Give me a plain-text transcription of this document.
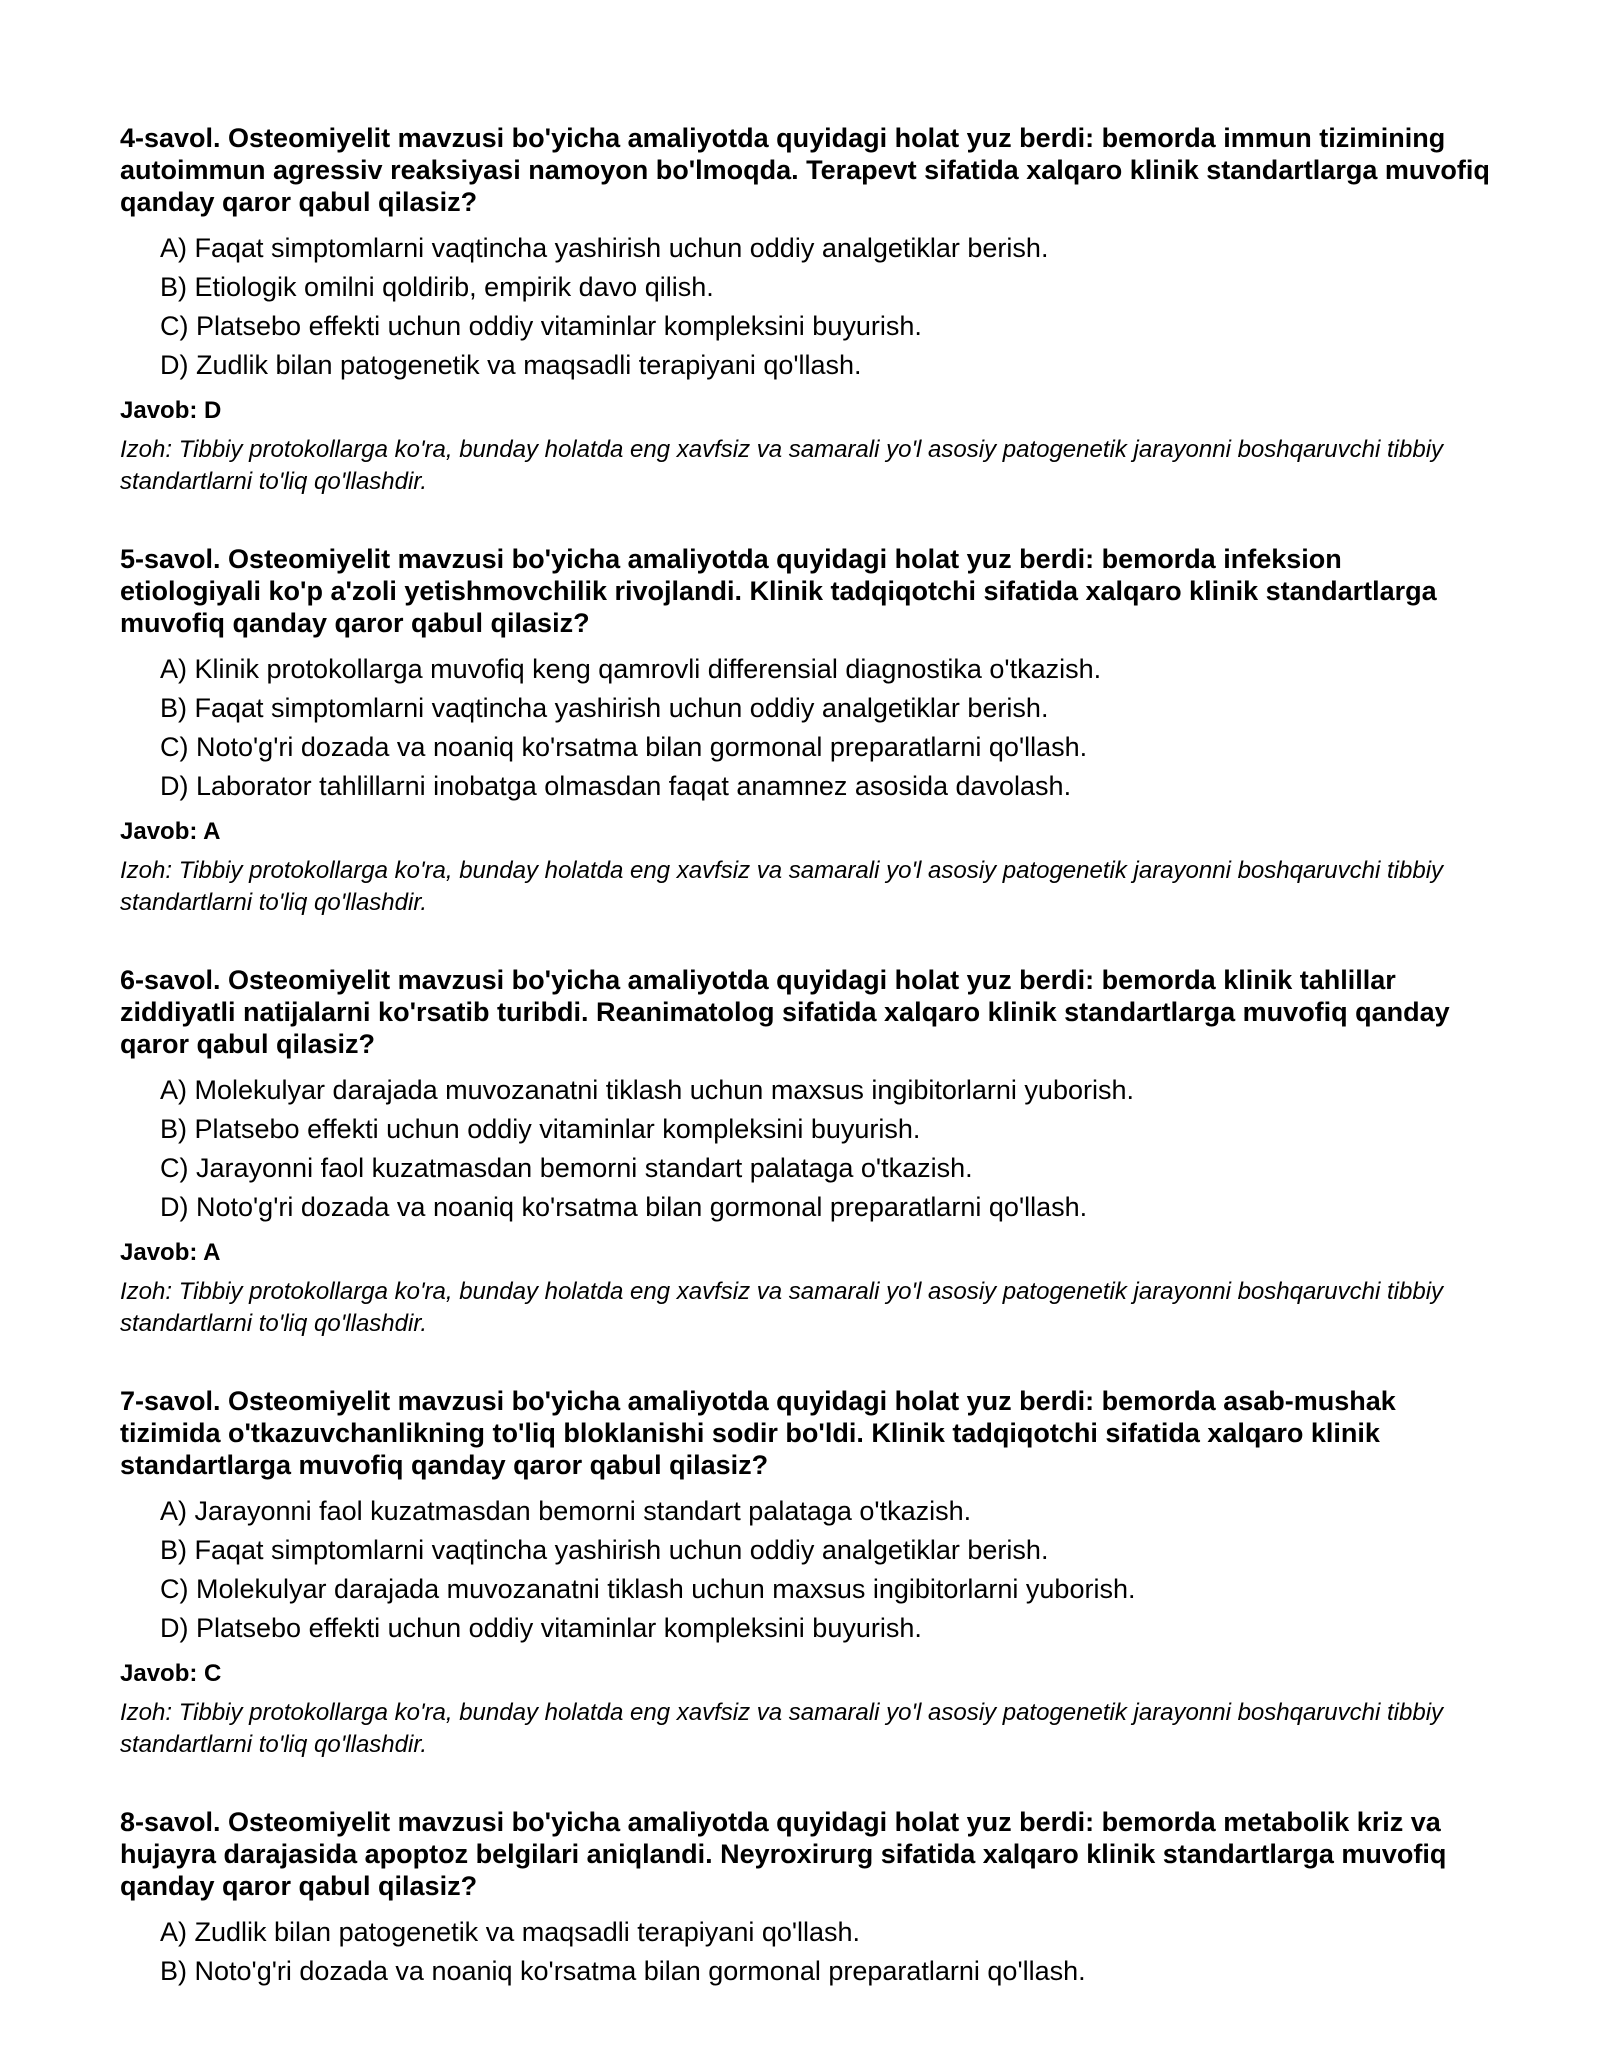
4-savol. Osteomiyelit mavzusi bo'yicha amaliyotda quyidagi holat yuz berdi: bemorda immun tizimining autoimmun agressiv reaksiyasi namoyon bo'lmoqda. Terapevt sifatida xalqaro klinik standartlarga muvofiq qanday qaror qabul qilasiz?

A) Faqat simptomlarni vaqtincha yashirish uchun oddiy analgetiklar berish.
B) Etiologik omilni qoldirib, empirik davo qilish.
C) Platsebo effekti uchun oddiy vitaminlar kompleksini buyurish.
D) Zudlik bilan patogenetik va maqsadli terapiyani qo'llash.

Javob: D

Izoh: Tibbiy protokollarga ko'ra, bunday holatda eng xavfsiz va samarali yo'l asosiy patogenetik jarayonni boshqaruvchi tibbiy standartlarni to'liq qo'llashdir.

5-savol. Osteomiyelit mavzusi bo'yicha amaliyotda quyidagi holat yuz berdi: bemorda infeksion etiologiyali ko'p a'zoli yetishmovchilik rivojlandi. Klinik tadqiqotchi sifatida xalqaro klinik standartlarga muvofiq qanday qaror qabul qilasiz?

A) Klinik protokollarga muvofiq keng qamrovli differensial diagnostika o'tkazish.
B) Faqat simptomlarni vaqtincha yashirish uchun oddiy analgetiklar berish.
C) Noto'g'ri dozada va noaniq ko'rsatma bilan gormonal preparatlarni qo'llash.
D) Laborator tahlillarni inobatga olmasdan faqat anamnez asosida davolash.

Javob: A

Izoh: Tibbiy protokollarga ko'ra, bunday holatda eng xavfsiz va samarali yo'l asosiy patogenetik jarayonni boshqaruvchi tibbiy standartlarni to'liq qo'llashdir.

6-savol. Osteomiyelit mavzusi bo'yicha amaliyotda quyidagi holat yuz berdi: bemorda klinik tahlillar ziddiyatli natijalarni ko'rsatib turibdi. Reanimatolog sifatida xalqaro klinik standartlarga muvofiq qanday qaror qabul qilasiz?

A) Molekulyar darajada muvozanatni tiklash uchun maxsus ingibitorlarni yuborish.
B) Platsebo effekti uchun oddiy vitaminlar kompleksini buyurish.
C) Jarayonni faol kuzatmasdan bemorni standart palataga o'tkazish.
D) Noto'g'ri dozada va noaniq ko'rsatma bilan gormonal preparatlarni qo'llash.

Javob: A

Izoh: Tibbiy protokollarga ko'ra, bunday holatda eng xavfsiz va samarali yo'l asosiy patogenetik jarayonni boshqaruvchi tibbiy standartlarni to'liq qo'llashdir.

7-savol. Osteomiyelit mavzusi bo'yicha amaliyotda quyidagi holat yuz berdi: bemorda asab-mushak tizimida o'tkazuvchanlikning to'liq bloklanishi sodir bo'ldi. Klinik tadqiqotchi sifatida xalqaro klinik standartlarga muvofiq qanday qaror qabul qilasiz?

A) Jarayonni faol kuzatmasdan bemorni standart palataga o'tkazish.
B) Faqat simptomlarni vaqtincha yashirish uchun oddiy analgetiklar berish.
C) Molekulyar darajada muvozanatni tiklash uchun maxsus ingibitorlarni yuborish.
D) Platsebo effekti uchun oddiy vitaminlar kompleksini buyurish.

Javob: C

Izoh: Tibbiy protokollarga ko'ra, bunday holatda eng xavfsiz va samarali yo'l asosiy patogenetik jarayonni boshqaruvchi tibbiy standartlarni to'liq qo'llashdir.

8-savol. Osteomiyelit mavzusi bo'yicha amaliyotda quyidagi holat yuz berdi: bemorda metabolik kriz va hujayra darajasida apoptoz belgilari aniqlandi. Neyroxirurg sifatida xalqaro klinik standartlarga muvofiq qanday qaror qabul qilasiz?

A) Zudlik bilan patogenetik va maqsadli terapiyani qo'llash.
B) Noto'g'ri dozada va noaniq ko'rsatma bilan gormonal preparatlarni qo'llash.
